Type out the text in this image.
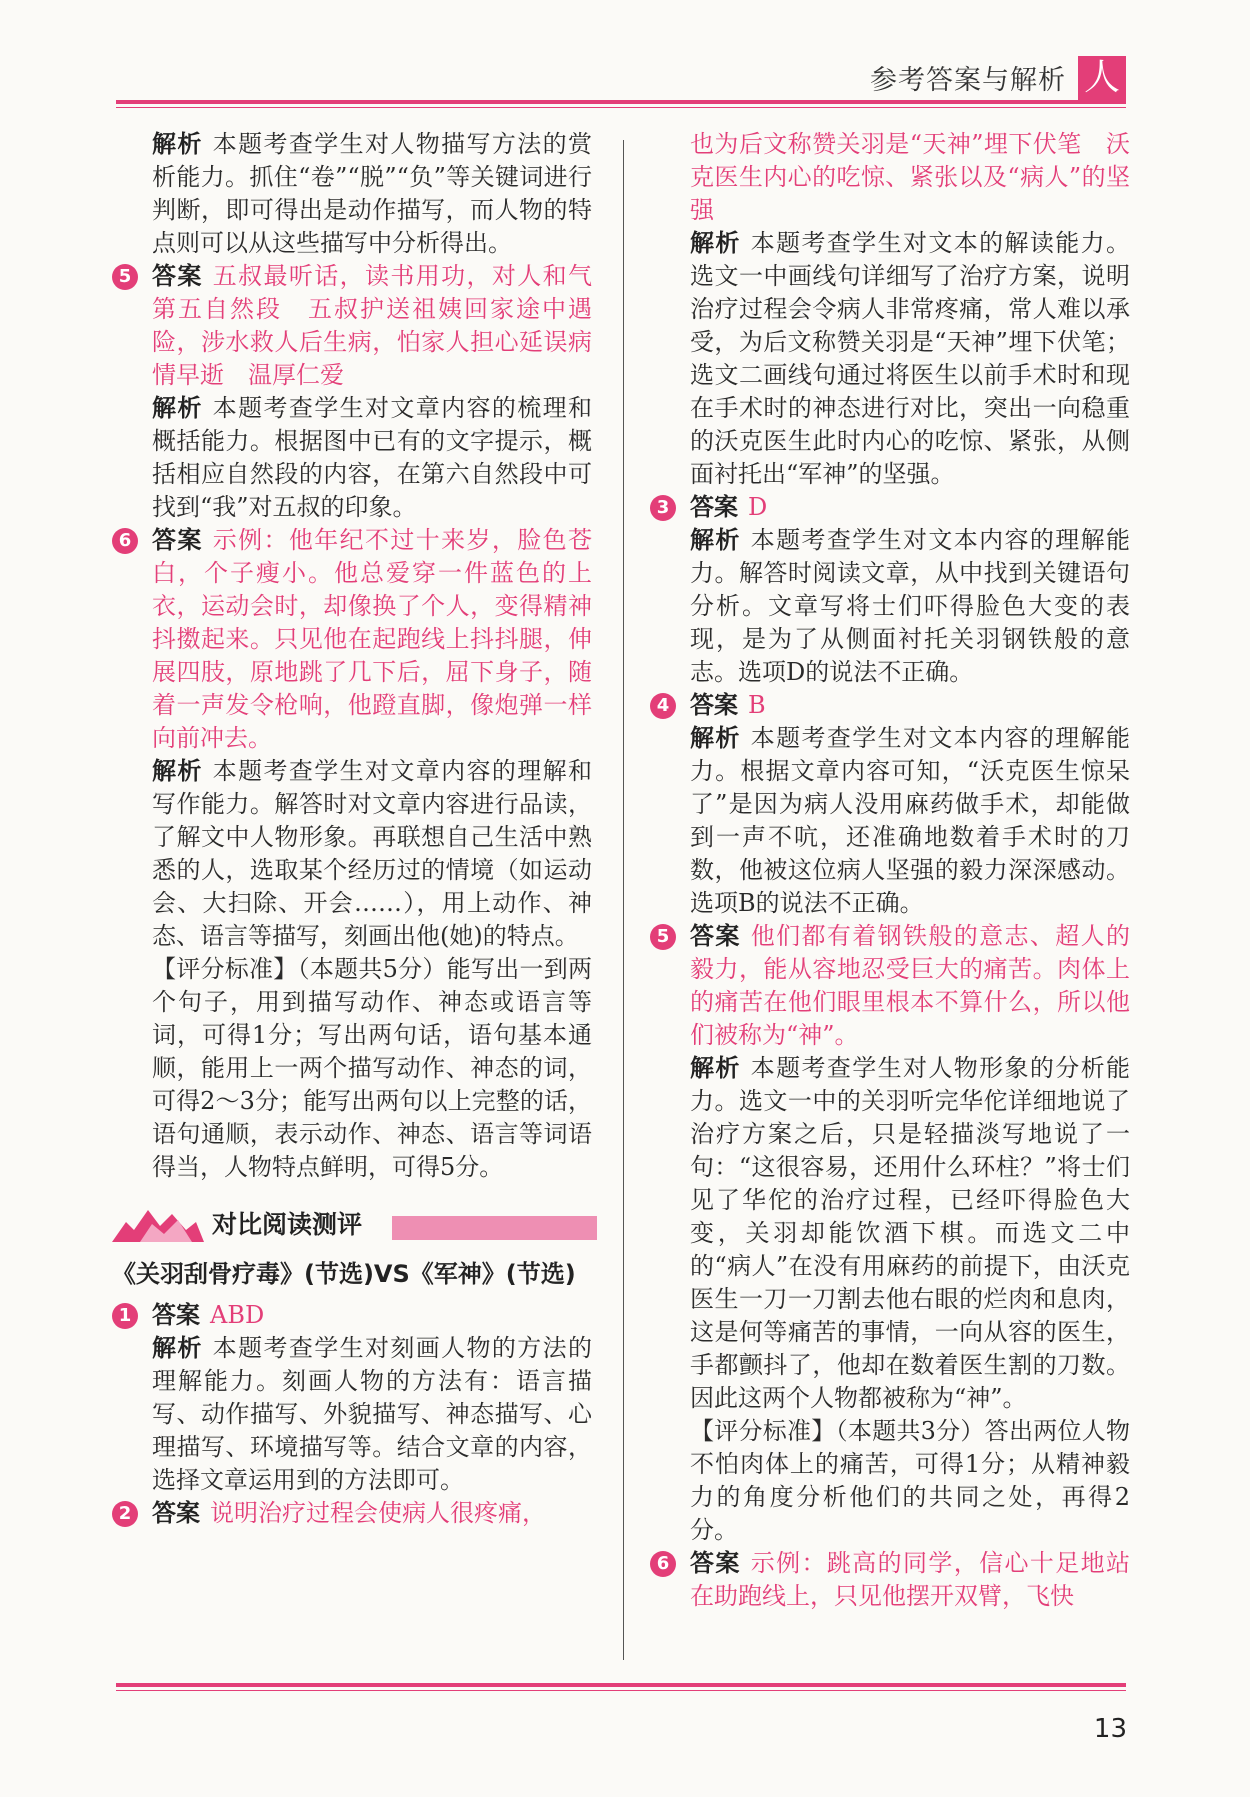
参考答案与解析 人

解析 本题考查学生对人物描写方法的赏析能力。抓住“卷”“脱”“负”等关键词进行判断，即可得出是动作描写，而人物的特点则可以从这些描写中分析得出。

5 答案 五叔最听话，读书用功，对人和气　第五自然段　五叔护送祖姨回家途中遇险，涉水救人后生病，怕家人担心延误病情早逝　温厚仁爱

解析 本题考查学生对文章内容的梳理和概括能力。根据图中已有的文字提示，概括相应自然段的内容，在第六自然段中可找到“我”对五叔的印象。

6 答案 示例：他年纪不过十来岁，脸色苍白，个子瘦小。他总爱穿一件蓝色的上衣，运动会时，却像换了个人，变得精神抖擞起来。只见他在起跑线上抖抖腿，伸展四肢，原地跳了几下后，屈下身子，随着一声发令枪响，他蹬直脚，像炮弹一样向前冲去。

解析 本题考查学生对文章内容的理解和写作能力。解答时对文章内容进行品读，了解文中人物形象。再联想自己生活中熟悉的人，选取某个经历过的情境（如运动会、大扫除、开会……），用上动作、神态、语言等描写，刻画出他(她)的特点。

【评分标准】（本题共5分）能写出一到两个句子，用到描写动作、神态或语言等词，可得1分；写出两句话，语句基本通顺，能用上一两个描写动作、神态的词，可得2～3分；能写出两句以上完整的话，语句通顺，表示动作、神态、语言等词语得当，人物特点鲜明，可得5分。

对比阅读测评

《关羽刮骨疗毒》(节选)VS《军神》(节选)

1 答案 ABD

解析 本题考查学生对刻画人物的方法的理解能力。刻画人物的方法有：语言描写、动作描写、外貌描写、神态描写、心理描写、环境描写等。结合文章的内容，选择文章运用到的方法即可。

2 答案 说明治疗过程会使病人很疼痛，

也为后文称赞关羽是“天神”埋下伏笔　沃克医生内心的吃惊、紧张以及“病人”的坚强

解析 本题考查学生对文本的解读能力。选文一中画线句详细写了治疗方案，说明治疗过程会令病人非常疼痛，常人难以承受，为后文称赞关羽是“天神”埋下伏笔；选文二画线句通过将医生以前手术时和现在手术时的神态进行对比，突出一向稳重的沃克医生此时内心的吃惊、紧张，从侧面衬托出“军神”的坚强。

3 答案 D

解析 本题考查学生对文本内容的理解能力。解答时阅读文章，从中找到关键语句分析。文章写将士们吓得脸色大变的表现，是为了从侧面衬托关羽钢铁般的意志。选项D的说法不正确。

4 答案 B

解析 本题考查学生对文本内容的理解能力。根据文章内容可知，“沃克医生惊呆了”是因为病人没用麻药做手术，却能做到一声不吭，还准确地数着手术时的刀数，他被这位病人坚强的毅力深深感动。选项B的说法不正确。

5 答案 他们都有着钢铁般的意志、超人的毅力，能从容地忍受巨大的痛苦。肉体上的痛苦在他们眼里根本不算什么，所以他们被称为“神”。

解析 本题考查学生对人物形象的分析能力。选文一中的关羽听完华佗详细地说了治疗方案之后，只是轻描淡写地说了一句：“这很容易，还用什么环柱？”将士们见了华佗的治疗过程，已经吓得脸色大变，关羽却能饮酒下棋。而选文二中的“病人”在没有用麻药的前提下，由沃克医生一刀一刀割去他右眼的烂肉和息肉，这是何等痛苦的事情，一向从容的医生，手都颤抖了，他却在数着医生割的刀数。因此这两个人物都被称为“神”。

【评分标准】（本题共3分）答出两位人物不怕肉体上的痛苦，可得1分；从精神毅力的角度分析他们的共同之处，再得2分。

6 答案 示例：跳高的同学，信心十足地站在助跑线上，只见他摆开双臂，飞快

13
